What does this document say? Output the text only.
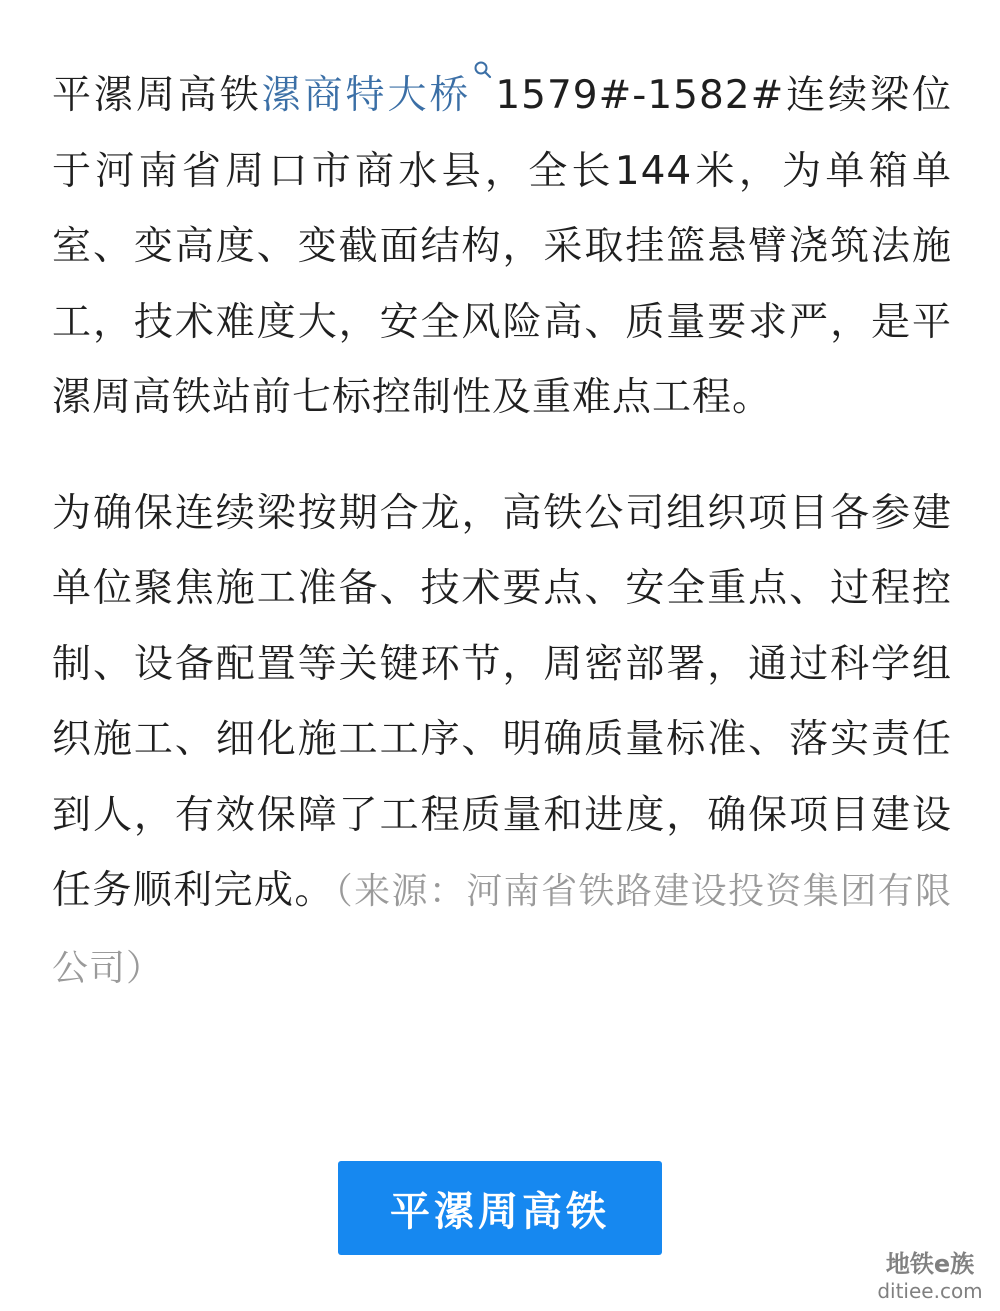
平漯周高铁漯商特大桥 1579#-1582#连续梁位于河南省周口市商水县，全长144米，为单箱单室、变高度、变截面结构，采取挂篮悬臂浇筑法施工，技术难度大，安全风险高、质量要求严，是平漯周高铁站前七标控制性及重难点工程。

为确保连续梁按期合龙，高铁公司组织项目各参建单位聚焦施工准备、技术要点、安全重点、过程控制、设备配置等关键环节，周密部署，通过科学组织施工、细化施工工序、明确质量标准、落实责任到人，有效保障了工程质量和进度，确保项目建设任务顺利完成。（来源：河南省铁路建设投资集团有限公司）

平漯周高铁
地铁e族
ditiee.com
